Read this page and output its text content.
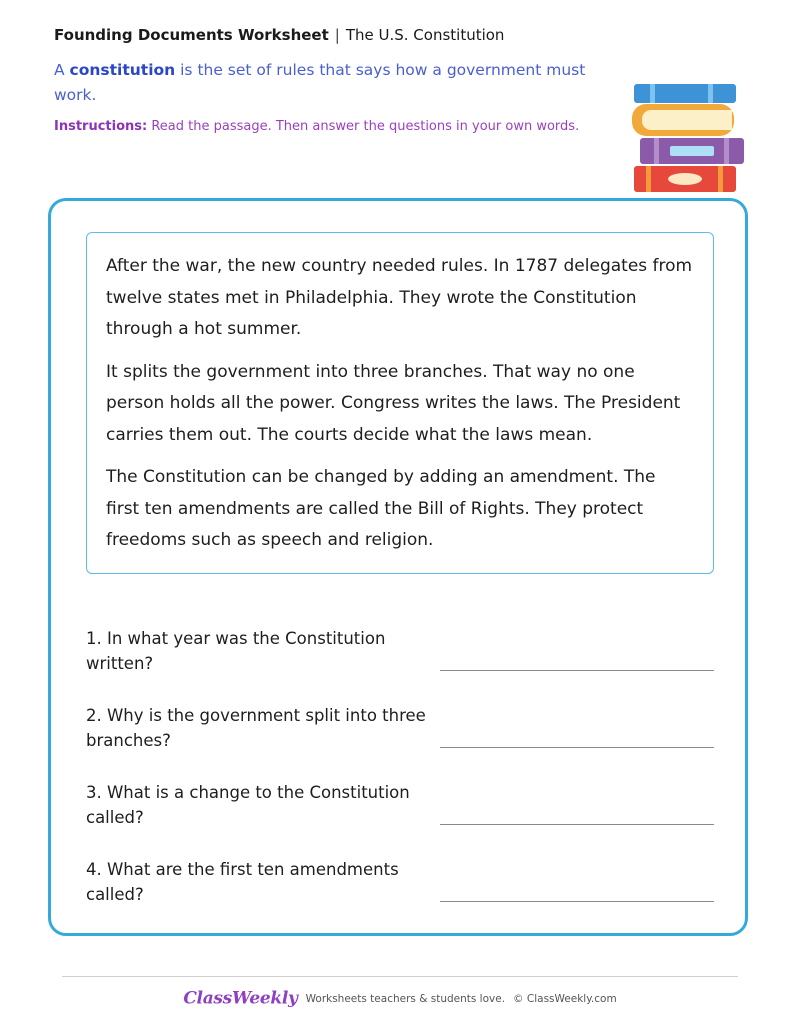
Founding Documents Worksheet | The U.S. Constitution
A constitution is the set of rules that says how a government must work.
Instructions: Read the passage. Then answer the questions in your own words.

After the war, the new country needed rules. In 1787 delegates from twelve states met in Philadelphia. They wrote the Constitution through a hot summer.

It splits the government into three branches. That way no one person holds all the power. Congress writes the laws. The President carries them out. The courts decide what the laws mean.

The Constitution can be changed by adding an amendment. The first ten amendments are called the Bill of Rights. They protect freedoms such as speech and religion.

1. In what year was the Constitution written?
2. Why is the government split into three branches?
3. What is a change to the Constitution called?
4. What are the first ten amendments called?
ClassWeekly Worksheets teachers & students love. © ClassWeekly.com
